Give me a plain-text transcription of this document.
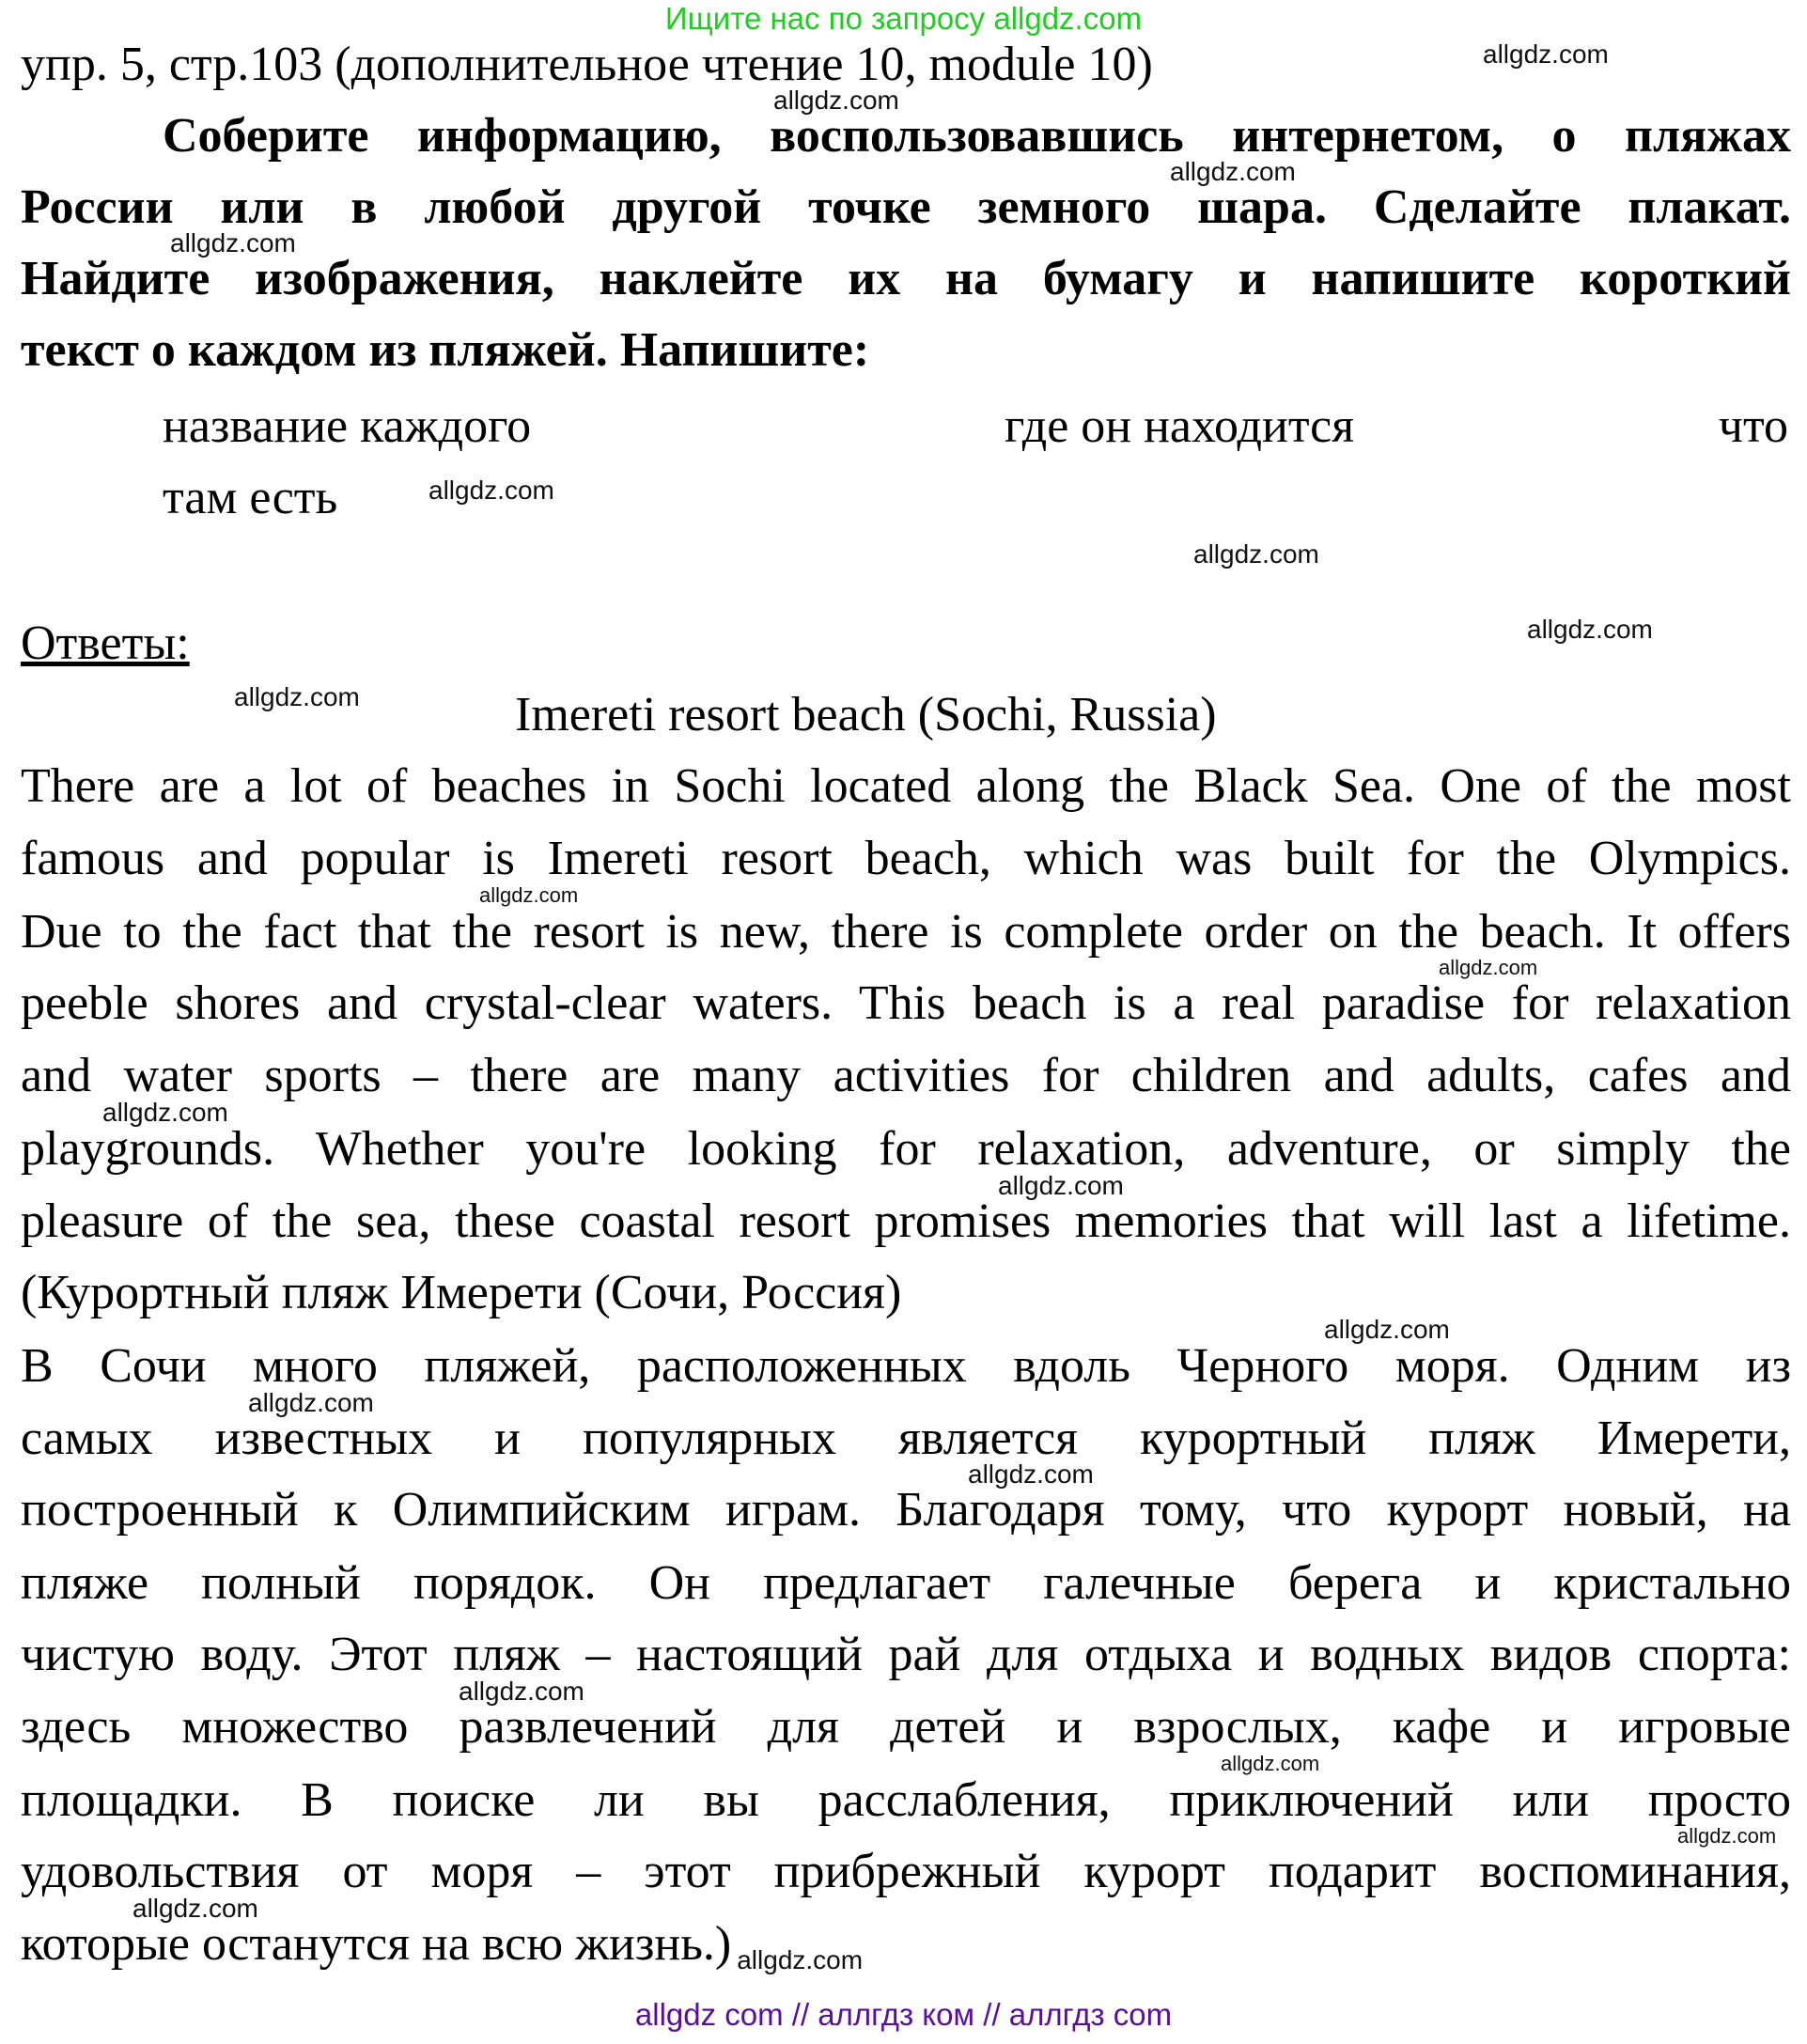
Ищите нас по запросу allgdz.com
упр. 5, стр.103 (дополнительное чтение 10, module 10)
Соберите информацию, воспользовавшись интернетом, о пляжах
России или в любой другой точке земного шара. Сделайте плакат.
Найдите изображения, наклейте их на бумагу и напишите короткий
текст о каждом из пляжей. Напишите:
название каждого	где он находится	что
там есть
Ответы:
Imereti resort beach (Sochi, Russia)
There are a lot of beaches in Sochi located along the Black Sea. One of the most
famous and popular is Imereti resort beach, which was built for the Olympics.
Due to the fact that the resort is new, there is complete order on the beach. It offers
peeble shores and crystal-clear waters. This beach is a real paradise for relaxation
and water sports – there are many activities for children and adults, cafes and
playgrounds. Whether you're looking for relaxation, adventure, or simply the
pleasure of the sea, these coastal resort promises memories that will last a lifetime.
(Курортный пляж Имерети (Сочи, Россия)
В Сочи много пляжей, расположенных вдоль Черного моря. Одним из
самых известных и популярных является курортный пляж Имерети,
построенный к Олимпийским играм. Благодаря тому, что курорт новый, на
пляже полный порядок. Он предлагает галечные берега и кристально
чистую воду. Этот пляж – настоящий рай для отдыха и водных видов спорта:
здесь множество развлечений для детей и взрослых, кафе и игровые
площадки. В поиске ли вы расслабления, приключений или просто
удовольствия от моря – этот прибрежный курорт подарит воспоминания,
которые останутся на всю жизнь.) allgdz.com
allgdz.com
allgdz.com
allgdz.com
allgdz.com
allgdz.com
allgdz.com
allgdz.com
allgdz.com
allgdz.com
allgdz.com
allgdz.com
allgdz.com
allgdz.com
allgdz.com
allgdz.com
allgdz.com
allgdz.com
allgdz.com
allgdz.com
allgdz com // аллгдз ком // аллгдз com
